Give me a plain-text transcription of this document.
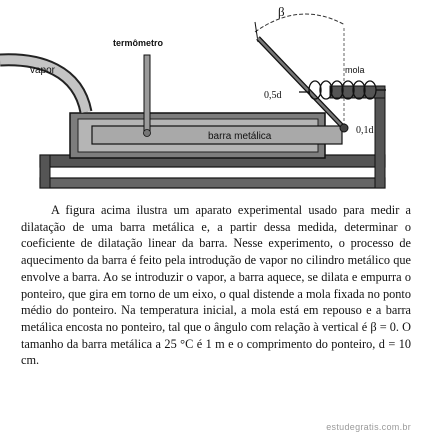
barra metálica
vapor
termômetro
β
mola
0,5d
0,1d

A figura acima ilustra um aparato experimental usado para medir a dilatação de uma barra metálica e, a partir dessa medida, determinar o coeficiente de dilatação linear da barra. Nesse experimento, o processo de aquecimento da barra é feito pela introdução de vapor no cilindro metálico que envolve a barra. Ao se introduzir o vapor, a barra aquece, se dilata e empurra o ponteiro, que gira em torno de um eixo, o qual distende a mola fixada no ponto médio do ponteiro. Na temperatura inicial, a mola está em repouso e a barra metálica encosta no ponteiro, tal que o ângulo com relação à vertical é β = 0. O tamanho da barra metálica a 25 °C é 1 m e o comprimento do ponteiro, d = 10 cm.

estudegratis.com.br
